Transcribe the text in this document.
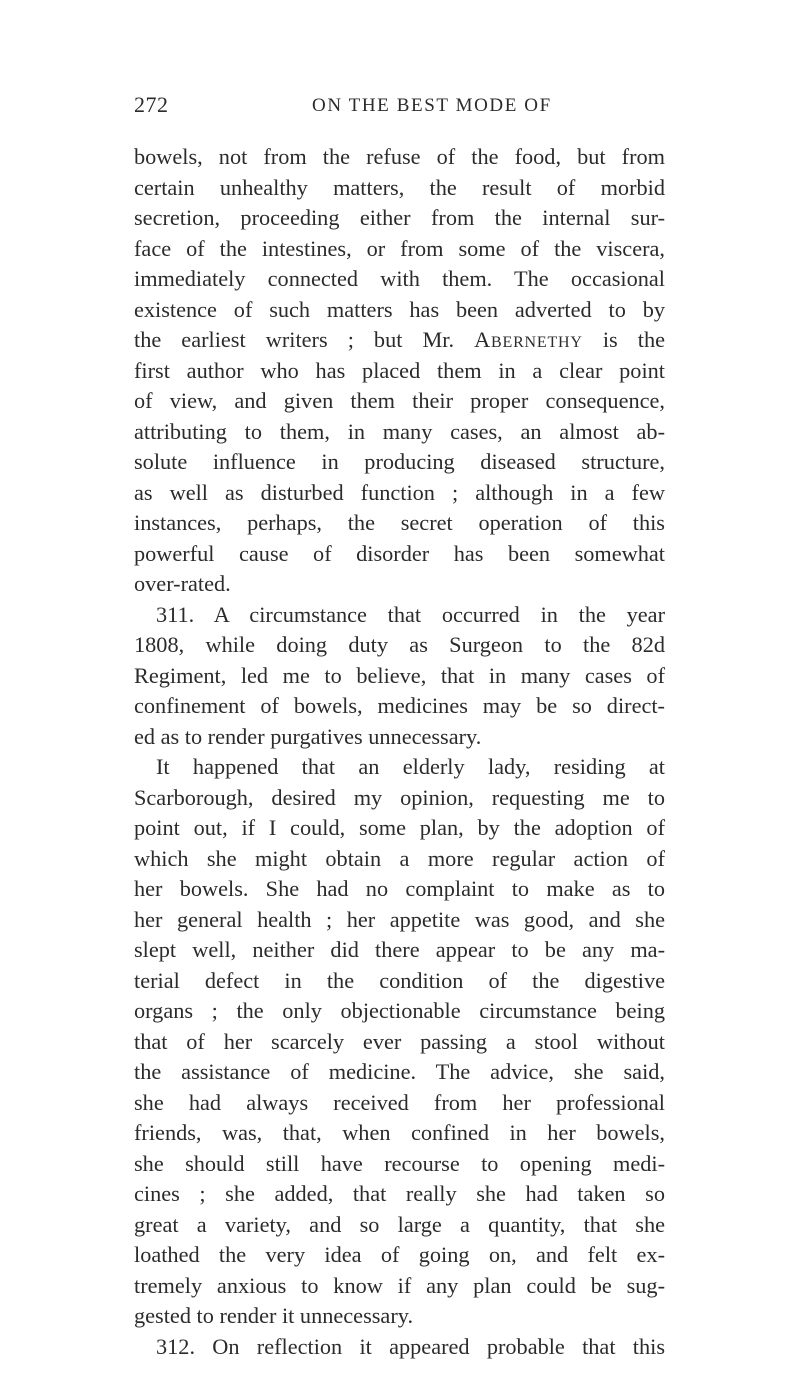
272	ON THE BEST MODE OF
bowels, not from the refuse of the food, but from
certain unhealthy matters, the result of morbid
secretion, proceeding either from the internal sur-
face of the intestines, or from some of the viscera,
immediately connected with them. The occasional
existence of such matters has been adverted to by
the earliest writers ; but Mr. Abernethy is the
first author who has placed them in a clear point
of view, and given them their proper consequence,
attributing to them, in many cases, an almost ab-
solute influence in producing diseased structure,
as well as disturbed function ; although in a few
instances, perhaps, the secret operation of this
powerful cause of disorder has been somewhat
over-rated.
311. A circumstance that occurred in the year
1808, while doing duty as Surgeon to the 82d
Regiment, led me to believe, that in many cases of
confinement of bowels, medicines may be so direct-
ed as to render purgatives unnecessary.
It happened that an elderly lady, residing at
Scarborough, desired my opinion, requesting me to
point out, if I could, some plan, by the adoption of
which she might obtain a more regular action of
her bowels. She had no complaint to make as to
her general health ; her appetite was good, and she
slept well, neither did there appear to be any ma-
terial defect in the condition of the digestive
organs ; the only objectionable circumstance being
that of her scarcely ever passing a stool without
the assistance of medicine. The advice, she said,
she had always received from her professional
friends, was, that, when confined in her bowels,
she should still have recourse to opening medi-
cines ; she added, that really she had taken so
great a variety, and so large a quantity, that she
loathed the very idea of going on, and felt ex-
tremely anxious to know if any plan could be sug-
gested to render it unnecessary.
312. On reflection it appeared probable that this
